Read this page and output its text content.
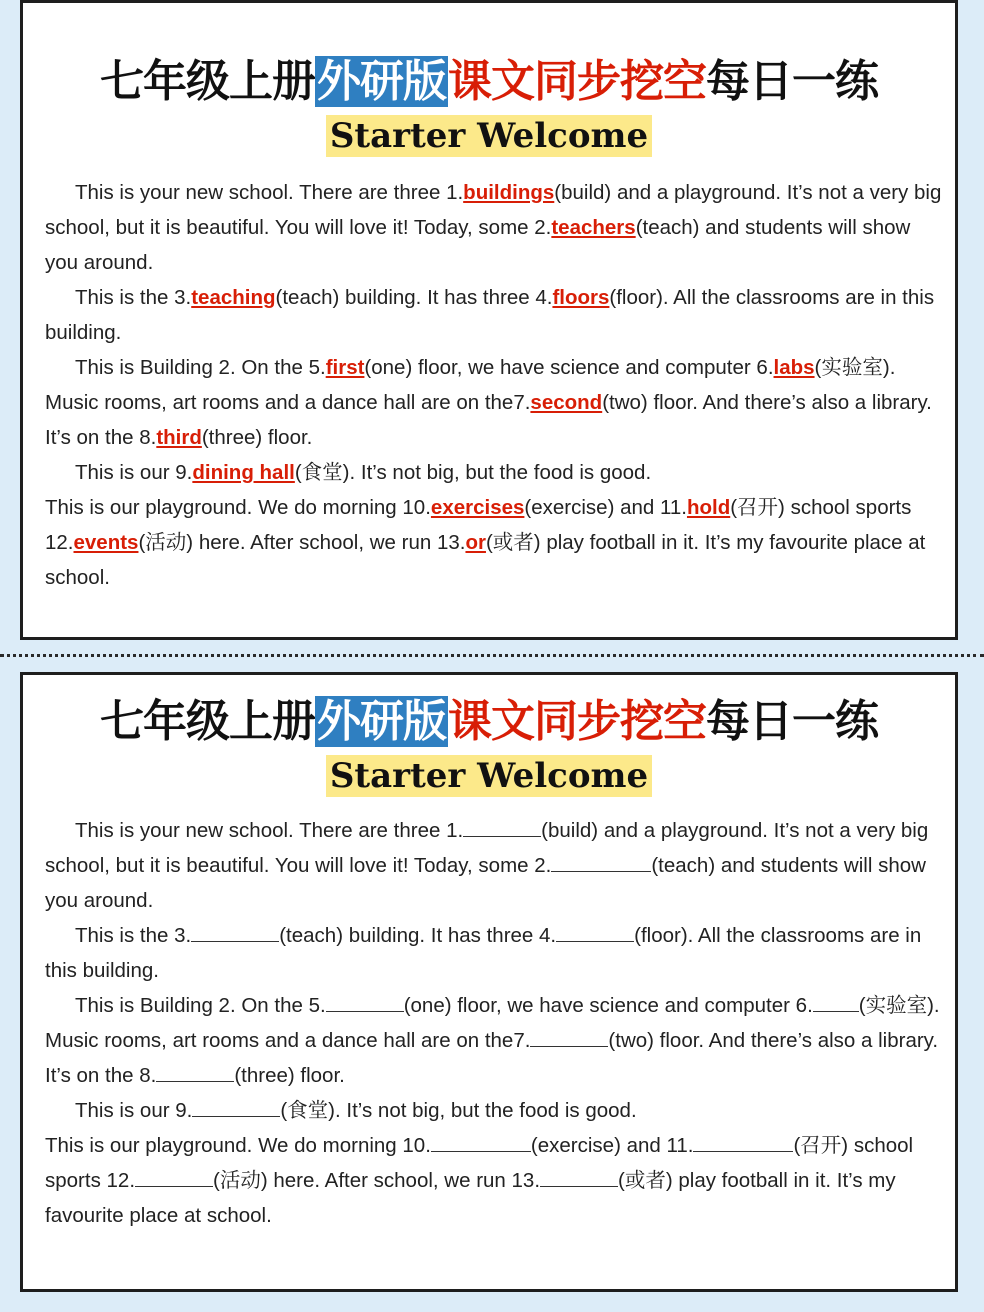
七年级上册外研版课文同步挖空每日一练
Starter Welcome

This is your new school. There are three 1.buildings(build) and a playground. It’s not a very big school, but it is beautiful. You will love it! Today, some 2.teachers(teach) and students will show you around.

This is the 3.teaching(teach) building. It has three 4.floors(floor). All the classrooms are in this building.

This is Building 2. On the 5.first(one) floor, we have science and computer 6.labs(实验室). Music rooms, art rooms and a dance hall are on the7.second(two) floor. And there’s also a library. It’s on the 8.third(three) floor.

This is our 9.dining hall(食堂). It’s not big, but the food is good.

This is our playground. We do morning 10.exercises(exercise) and 11.hold(召开) school sports 12.events(活动) here. After school, we run 13.or(或者) play football in it. It’s my favourite place at school.

七年级上册外研版课文同步挖空每日一练
Starter Welcome

This is your new school. There are three 1.	(build) and a playground. It’s not a very big school, but it is beautiful. You will love it! Today, some 2.	(teach) and students will show you around.

This is the 3.	(teach) building. It has three 4.	(floor). All the classrooms are in this building.

This is Building 2. On the 5.	(one) floor, we have science and computer 6. (实验室). Music rooms, art rooms and a dance hall are on the7.	(two) floor. And there’s also a library. It’s on the 8.	(three) floor.

This is our 9.	(食堂). It’s not big, but the food is good.

This is our playground. We do morning 10.	(exercise) and 11.	(召开) school sports 12.	(活动) here. After school, we run 13.	(或者) play football in it. It’s my favourite place at school.
